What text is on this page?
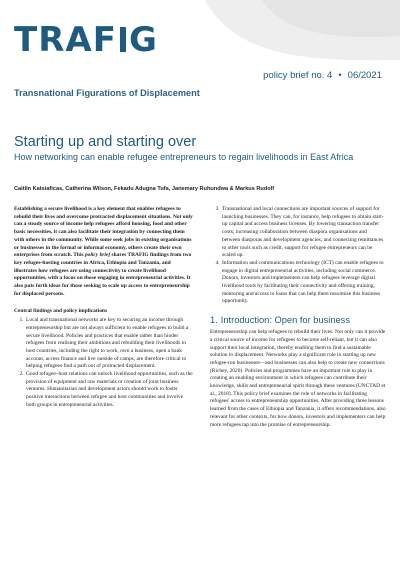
TRAF G
Transnational Figurations of Displacement
policy brief no. 4 • 06/2021
Starting up and starting over
How networking can enable refugee entrepreneurs to regain livelihoods in East Africa
Caitlin Katsiaficas, Catherina Wilson, Fekadu Adugna Tufa, Janemary Ruhundwa & Markus Rudolf

Establishing a secure livelihood is a key element that enables refugees to rebuild their lives and overcome protracted displacement situations. Not only can a steady source of income help refugees afford housing, food and other basic necessities, it can also facilitate their integration by connecting them with others in the community. While some seek jobs in existing organisations or businesses in the formal or informal economy, others create their own enterprises from scratch. This policy brief shares TRAFIG findings from two key refugee-hosting countries in Africa, Ethiopia and Tanzania, and illustrates how refugees are using connectivity to create livelihood opportunities, with a focus on those engaging in entrepreneurial activities. It also puts forth ideas for those seeking to scale up access to entrepreneurship for displaced persons.

Central findings and policy implications
1. Local and transnational networks are key to securing an income through entrepreneurship but are not always sufficient to enable refugees to build a secure livelihood. Policies and practices that enable rather than hinder refugees from realising their ambitions and rebuilding their livelihoods in host countries, including the right to work, own a business, open a bank account, access finance and live outside of camps, are therefore critical to helping refugees find a path out of protracted displacement.
2. Good refugee–host relations can unlock livelihood opportunities, such as the provision of equipment and raw materials or creation of joint business ventures. Humanitarian and development actors should work to foster positive interactions between refugee and host communities and involve both groups in entrepreneurial activities.
3. Transnational and local connections are important sources of support for launching businesses. They can, for instance, help refugees to obtain start-up capital and access business licenses. By lowering transaction transfer costs; increasing collaboration between diaspora organisations and between diasporas and development agencies; and connecting remittances to other tools such as credit, support for refugee entrepreneurs can be scaled up.
4. Information and communications technology (ICT) can enable refugees to engage in digital entrepreneurial activities, including social commerce. Donors, investors and implementers can help refugees leverage digital livelihood tools by facilitating their connectivity and offering training, mentoring and access to loans that can help them maximise this business opportunity.
1. Introduction: Open for business

Entrepreneurship can help refugees to rebuild their lives. Not only can it provide a critical source of income for refugees to become self-reliant, but it can also support their local integration, thereby enabling them to find a sustainable solution to displacement. Networks play a significant role in starting up new refugee-run businesses—and businesses can also help to create new connections (Richey, 2020). Policies and programmes have an important role to play in creating an enabling environment in which refugees can contribute their knowledge, skills and entrepreneurial spirit through these ventures (UNCTAD et al., 2018). This policy brief examines the role of networks in facilitating refugees' access to entrepreneurship opportunities. After providing three lessons learned from the cases of Ethiopia and Tanzania, it offers recommendations, also relevant for other contexts, for how donors, investors and implementers can help more refugees tap into the promise of entrepreneurship.
